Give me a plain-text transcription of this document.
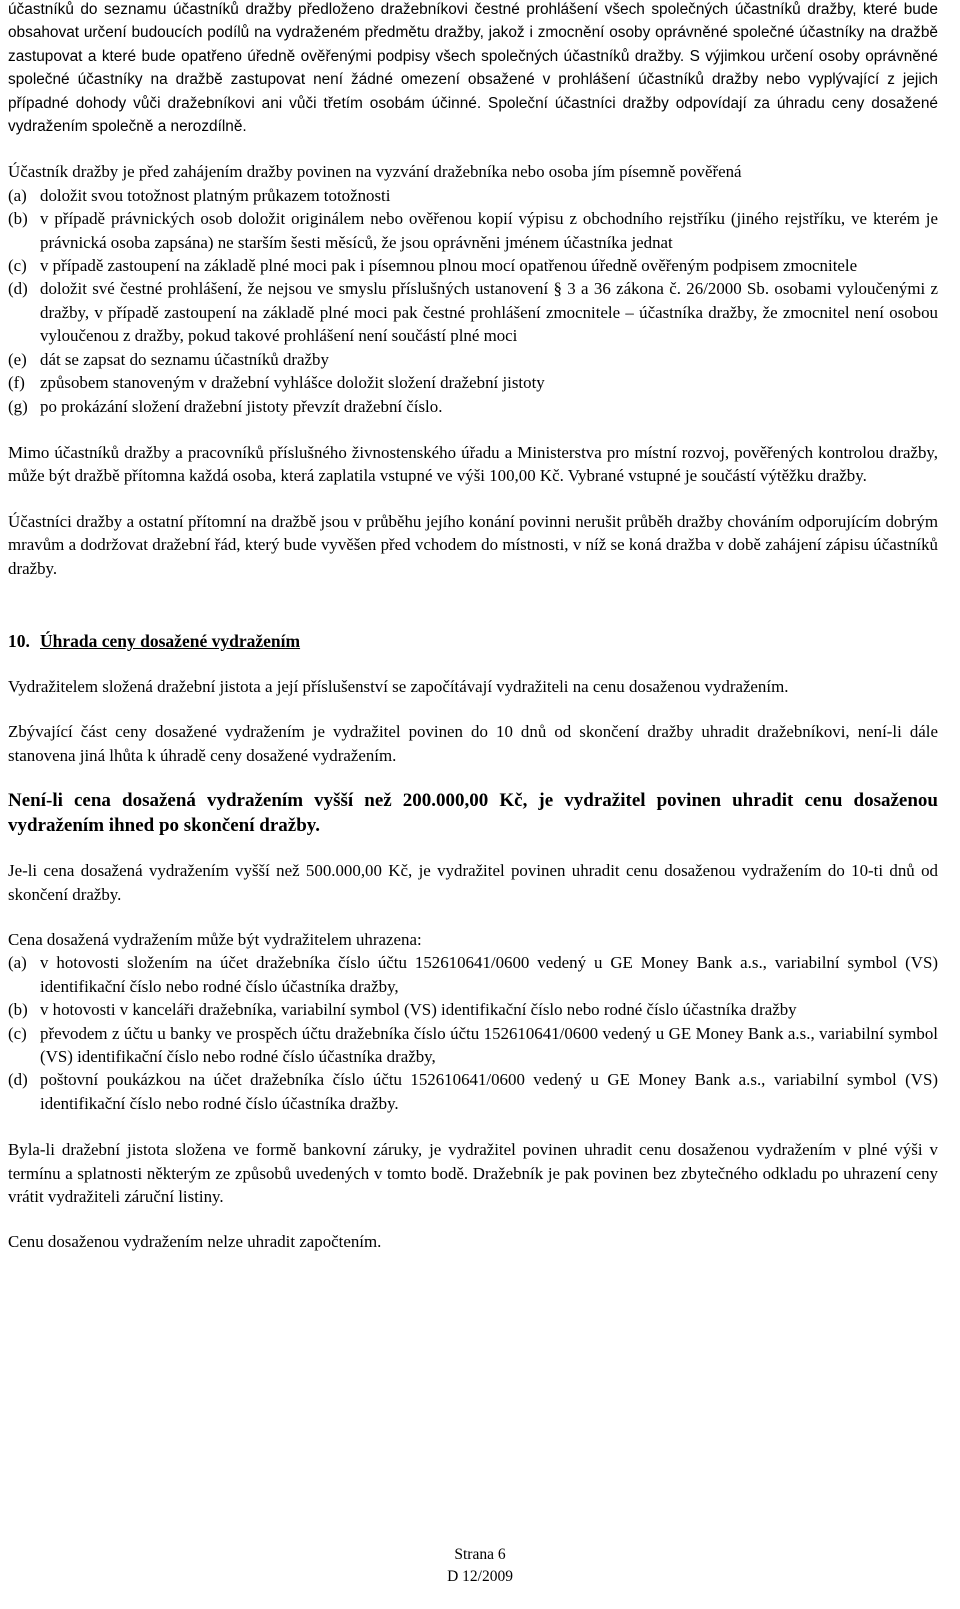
účastníků do seznamu účastníků dražby předloženo dražebníkovi čestné prohlášení všech společných účastníků dražby, které bude obsahovat určení budoucích podílů na vydraženém předmětu dražby, jakož i zmocnění osoby oprávněné společné účastníky na dražbě zastupovat a které bude opatřeno úředně ověřenými podpisy všech společných účastníků dražby. S výjimkou určení osoby oprávněné společné účastníky na dražbě zastupovat není žádné omezení obsažené v prohlášení účastníků dražby nebo vyplývající z jejich případné dohody vůči dražebníkovi ani vůči třetím osobám účinné. Společní účastníci dražby odpovídají za úhradu ceny dosažené vydražením společně a nerozdílně.

Účastník dražby je před zahájením dražby povinen na vyzvání dražebníka nebo osoba jím písemně pověřená

(a) doložit svou totožnost platným průkazem totožnosti
(b) v případě právnických osob doložit originálem nebo ověřenou kopií výpisu z obchodního rejstříku (jiného rejstříku, ve kterém je právnická osoba zapsána) ne starším šesti měsíců, že jsou oprávněni jménem účastníka jednat
(c) v případě zastoupení na základě plné moci pak i písemnou plnou mocí opatřenou úředně ověřeným podpisem zmocnitele
(d) doložit své čestné prohlášení, že nejsou ve smyslu příslušných ustanovení § 3 a 36 zákona č. 26/2000 Sb. osobami vyloučenými z dražby, v případě zastoupení na základě plné moci pak čestné prohlášení zmocnitele – účastníka dražby, že zmocnitel není osobou vyloučenou z dražby, pokud takové prohlášení není součástí plné moci
(e) dát se zapsat do seznamu účastníků dražby
(f) způsobem stanoveným v dražební vyhlášce doložit složení dražební jistoty
(g) po prokázání složení dražební jistoty převzít dražební číslo.

Mimo účastníků dražby a pracovníků příslušného živnostenského úřadu a Ministerstva pro místní rozvoj, pověřených kontrolou dražby, může být dražbě přítomna každá osoba, která zaplatila vstupné ve výši 100,00 Kč. Vybrané vstupné je součástí výtěžku dražby.

Účastníci dražby a ostatní přítomní na dražbě jsou v průběhu jejího konání povinni nerušit průběh dražby chováním odporujícím dobrým mravům a dodržovat dražební řád, který bude vyvěšen před vchodem do místnosti, v níž se koná dražba v době zahájení zápisu účastníků dražby.

10. Úhrada ceny dosažené vydražením

Vydražitelem složená dražební jistota a její příslušenství se započítávají vydražiteli na cenu dosaženou vydražením.

Zbývající část ceny dosažené vydražením je vydražitel povinen do 10 dnů od skončení dražby uhradit dražebníkovi, není-li dále stanovena jiná lhůta k úhradě ceny dosažené vydražením.

Není-li cena dosažená vydražením vyšší než 200.000,00 Kč, je vydražitel povinen uhradit cenu dosaženou vydražením ihned po skončení dražby.

Je-li cena dosažená vydražením vyšší než 500.000,00 Kč, je vydražitel povinen uhradit cenu dosaženou vydražením do 10-ti dnů od skončení dražby.

Cena dosažená vydražením může být vydražitelem uhrazena:

(a) v hotovosti složením na účet dražebníka číslo účtu 152610641/0600 vedený u GE Money Bank a.s., variabilní symbol (VS) identifikační číslo nebo rodné číslo účastníka dražby,
(b) v hotovosti v kanceláři dražebníka, variabilní symbol (VS) identifikační číslo nebo rodné číslo účastníka dražby
(c) převodem z účtu u banky ve prospěch účtu dražebníka číslo účtu 152610641/0600 vedený u GE Money Bank a.s., variabilní symbol (VS) identifikační číslo nebo rodné číslo účastníka dražby,
(d) poštovní poukázkou na účet dražebníka číslo účtu 152610641/0600 vedený u GE Money Bank a.s., variabilní symbol (VS) identifikační číslo nebo rodné číslo účastníka dražby.

Byla-li dražební jistota složena ve formě bankovní záruky, je vydražitel povinen uhradit cenu dosaženou vydražením v plné výši v termínu a splatnosti některým ze způsobů uvedených v tomto bodě. Dražebník je pak povinen bez zbytečného odkladu po uhrazení ceny vrátit vydražiteli záruční listiny.

Cenu dosaženou vydražením nelze uhradit započtením.

Strana 6
D 12/2009
